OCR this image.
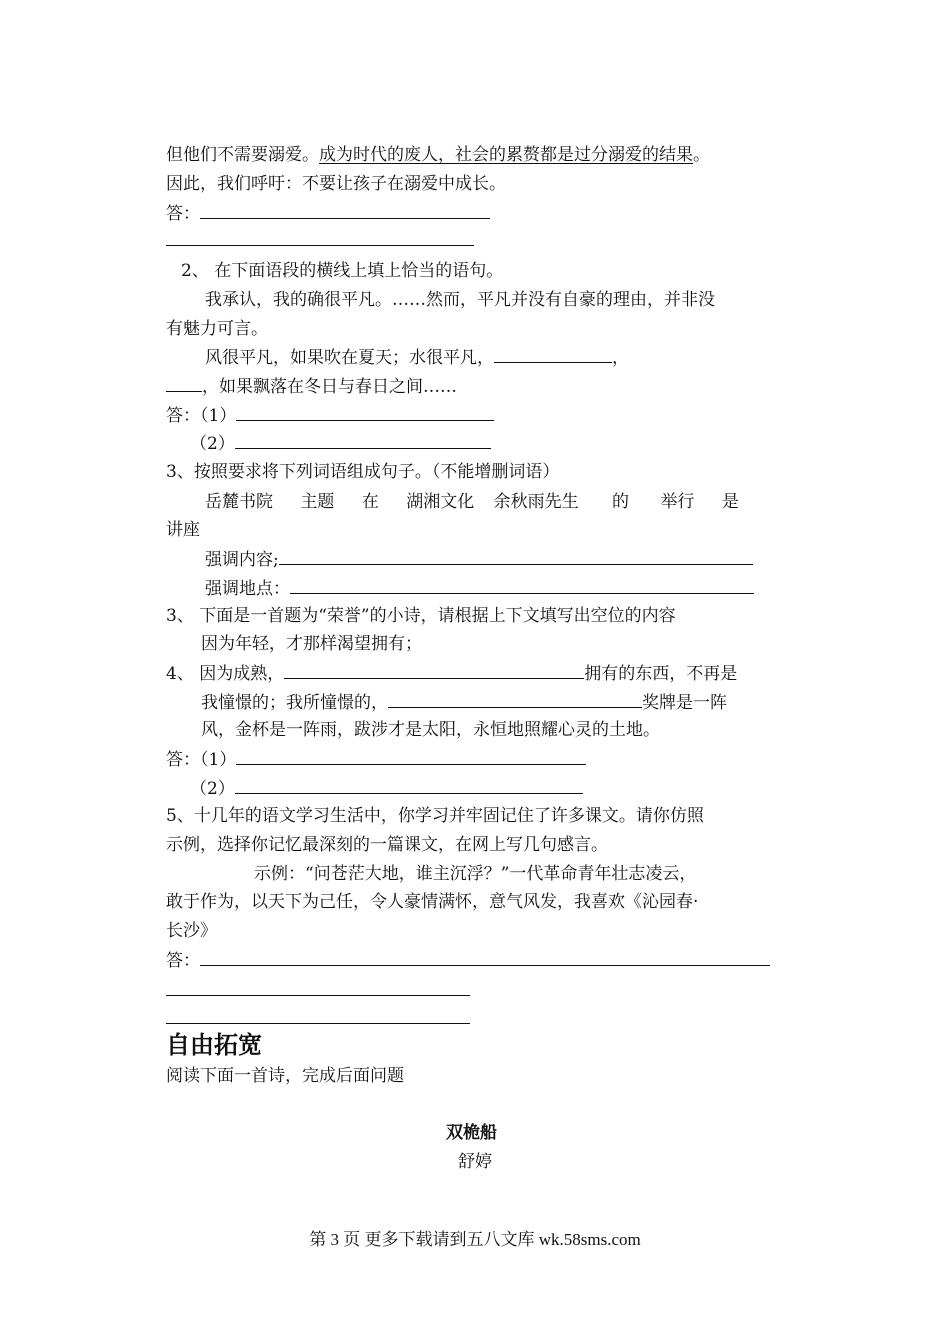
但他们不需要溺爱。成为时代的废人，社会的累赘都是过分溺爱的结果。
因此，我们呼吁：不要让孩子在溺爱中成长。
答：
2、 在下面语段的横线上填上恰当的语句。
我承认，我的确很平凡。……然而，平凡并没有自豪的理由，并非没
有魅力可言。
风很平凡，如果吹在夏天；水很平凡，	，
，如果飘落在冬日与春日之间……
答：（1）
（2）
3、按照要求将下列词语组成句子。（不能增删词语）
岳麓书院 主题 在 湖湘文化 余秋雨先生 的 举行 是
讲座
强调内容;
强调地点：
3、 下面是一首题为“荣誉”的小诗，请根据上下文填写出空位的内容
因为年轻，才那样渴望拥有；
4、 因为成熟，	拥有的东西，不再是
我憧憬的；我所憧憬的，	奖牌是一阵
风，金杯是一阵雨，跋涉才是太阳，永恒地照耀心灵的土地。
答：（1）
（2）
5、十几年的语文学习生活中，你学习并牢固记住了许多课文。请你仿照
示例，选择你记忆最深刻的一篇课文，在网上写几句感言。
示例：“问苍茫大地，谁主沉浮？”一代革命青年壮志凌云，
敢于作为，以天下为己任，令人豪情满怀，意气风发，我喜欢《沁园春·
长沙》
答：
自由拓宽
阅读下面一首诗，完成后面问题
双桅船
舒婷
第 3 页 更多下载请到五八文库 wk.58sms.com
